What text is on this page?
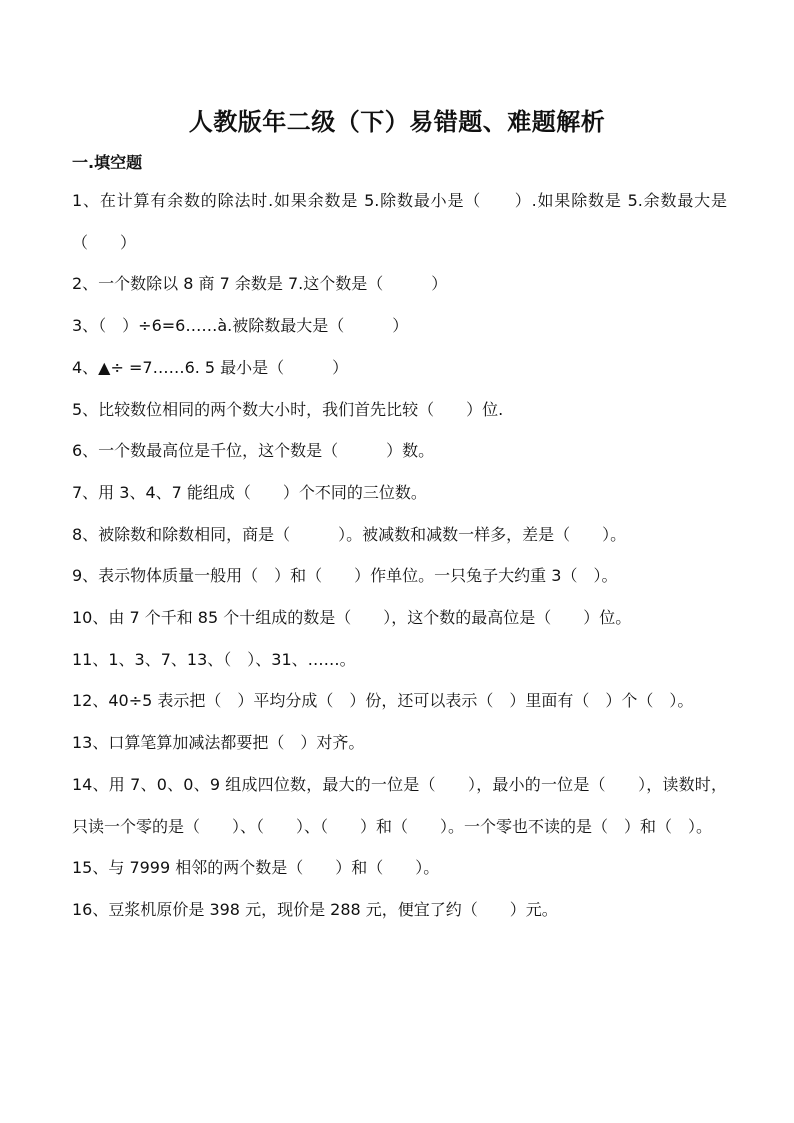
人教版年二级（下）易错题、难题解析
一.填空题

1、在计算有余数的除法时.如果余数是 5.除数最小是（　　）.如果除数是 5.余数最大是（　　）

2、一个数除以 8 商 7 余数是 7.这个数是（　　　）

3、（　）÷6=6……à.被除数最大是（　　　）

4、▲÷ =7……6. 5 最小是（　　　）

5、比较数位相同的两个数大小时，我们首先比较（　　）位.

6、一个数最高位是千位，这个数是（　　　）数。

7、用 3、4、7 能组成（　　）个不同的三位数。

8、被除数和除数相同，商是（　　　）。被减数和减数一样多，差是（　　）。

9、表示物体质量一般用（　）和（　　）作单位。一只兔子大约重 3（　）。

10、由 7 个千和 85 个十组成的数是（　　），这个数的最高位是（　　）位。

11、1、3、7、13、（　）、31、……。

12、40÷5 表示把（　）平均分成（　）份，还可以表示（　）里面有（　）个（　）。

13、口算笔算加减法都要把（　）对齐。

14、用 7、0、0、9 组成四位数，最大的一位是（　　），最小的一位是（　　），读数时，只读一个零的是（　　）、（　　）、（　　）和（　　）。一个零也不读的是（　）和（　）。

15、与 7999 相邻的两个数是（　　）和（　　）。

16、豆浆机原价是 398 元，现价是 288 元，便宜了约（　　）元。
